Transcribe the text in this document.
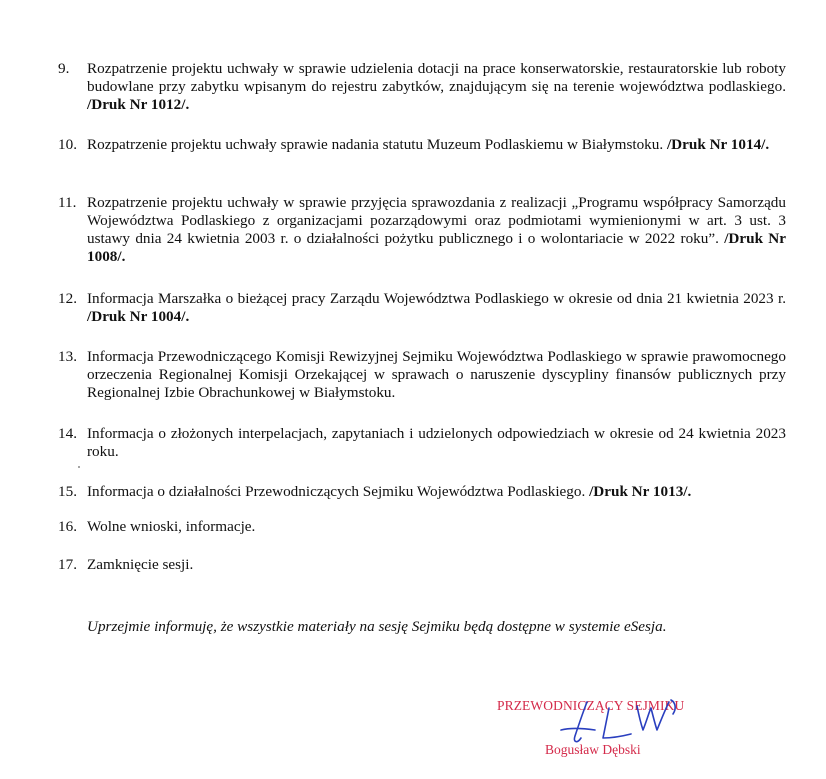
9.	Rozpatrzenie projektu uchwały w sprawie udzielenia dotacji na prace konserwatorskie, restauratorskie lub roboty budowlane przy zabytku wpisanym do rejestru zabytków, znajdującym się na terenie województwa podlaskiego. /Druk Nr 1012/.
10. Rozpatrzenie projektu uchwały sprawie nadania statutu Muzeum Podlaskiemu w Białymstoku. /Druk Nr 1014/.
11. Rozpatrzenie projektu uchwały w sprawie przyjęcia sprawozdania z realizacji „Programu współpracy Samorządu Województwa Podlaskiego z organizacjami pozarządowymi oraz podmiotami wymienionymi w art. 3 ust. 3 ustawy dnia 24 kwietnia 2003 r. o działalności pożytku publicznego i o wolontariacie w 2022 roku”. /Druk Nr 1008/.
12. Informacja Marszałka o bieżącej pracy Zarządu Województwa Podlaskiego w okresie od dnia 21 kwietnia 2023 r. /Druk Nr 1004/.
13. Informacja Przewodniczącego Komisji Rewizyjnej Sejmiku Województwa Podlaskiego w sprawie prawomocnego orzeczenia Regionalnej Komisji Orzekającej w sprawach o naruszenie dyscypliny finansów publicznych przy Regionalnej Izbie Obrachunkowej w Białymstoku.
14. Informacja o złożonych interpelacjach, zapytaniach i udzielonych odpowiedziach w okresie od 24 kwietnia 2023 roku.
15. Informacja o działalności Przewodniczących Sejmiku Województwa Podlaskiego. /Druk Nr 1013/.
16. Wolne wnioski, informacje.
17. Zamknięcie sesji.
Uprzejmie informuję, że wszystkie materiały na sesję Sejmiku będą dostępne w systemie eSesja.
PRZEWODNICZĄCY SEJMIKU
Bogusław Dębski
